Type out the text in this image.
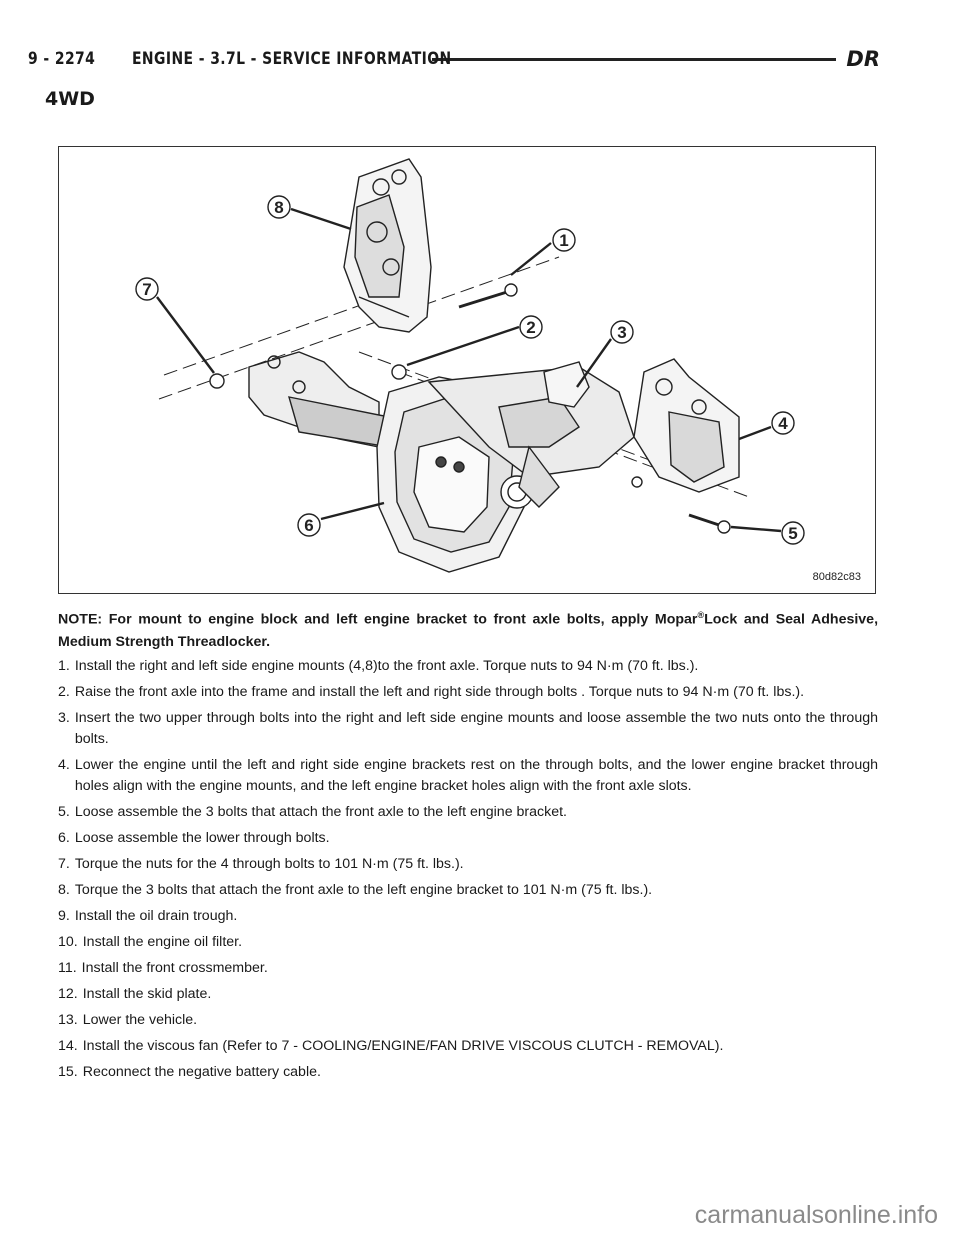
9 - 2274 ENGINE - 3.7L - SERVICE INFORMATION	DR
4WD
8
1
2	3
4
5
6
7
80d82c83
NOTE: For mount to engine block and left engine bracket to front axle bolts, apply Mopar®Lock and Seal Adhesive, Medium Strength Threadlocker.
1. Install the right and left side engine mounts (4,8)to the front axle. Torque nuts to 94 N·m (70 ft. lbs.).
2. Raise the front axle into the frame and install the left and right side through bolts . Torque nuts to 94 N·m (70 ft. lbs.).
3. Insert the two upper through bolts into the right and left side engine mounts and loose assemble the two nuts onto the through bolts.
4. Lower the engine until the left and right side engine brackets rest on the through bolts, and the lower engine bracket through holes align with the engine mounts, and the left engine bracket holes align with the front axle slots.
5. Loose assemble the 3 bolts that attach the front axle to the left engine bracket.
6. Loose assemble the lower through bolts.
7. Torque the nuts for the 4 through bolts to 101 N·m (75 ft. lbs.).
8. Torque the 3 bolts that attach the front axle to the left engine bracket to 101 N·m (75 ft. lbs.).
9. Install the oil drain trough.
10. Install the engine oil filter.
11. Install the front crossmember.
12. Install the skid plate.
13. Lower the vehicle.
14. Install the viscous fan (Refer to 7 - COOLING/ENGINE/FAN DRIVE VISCOUS CLUTCH - REMOVAL).
15. Reconnect the negative battery cable.
carmanualsonline.info
